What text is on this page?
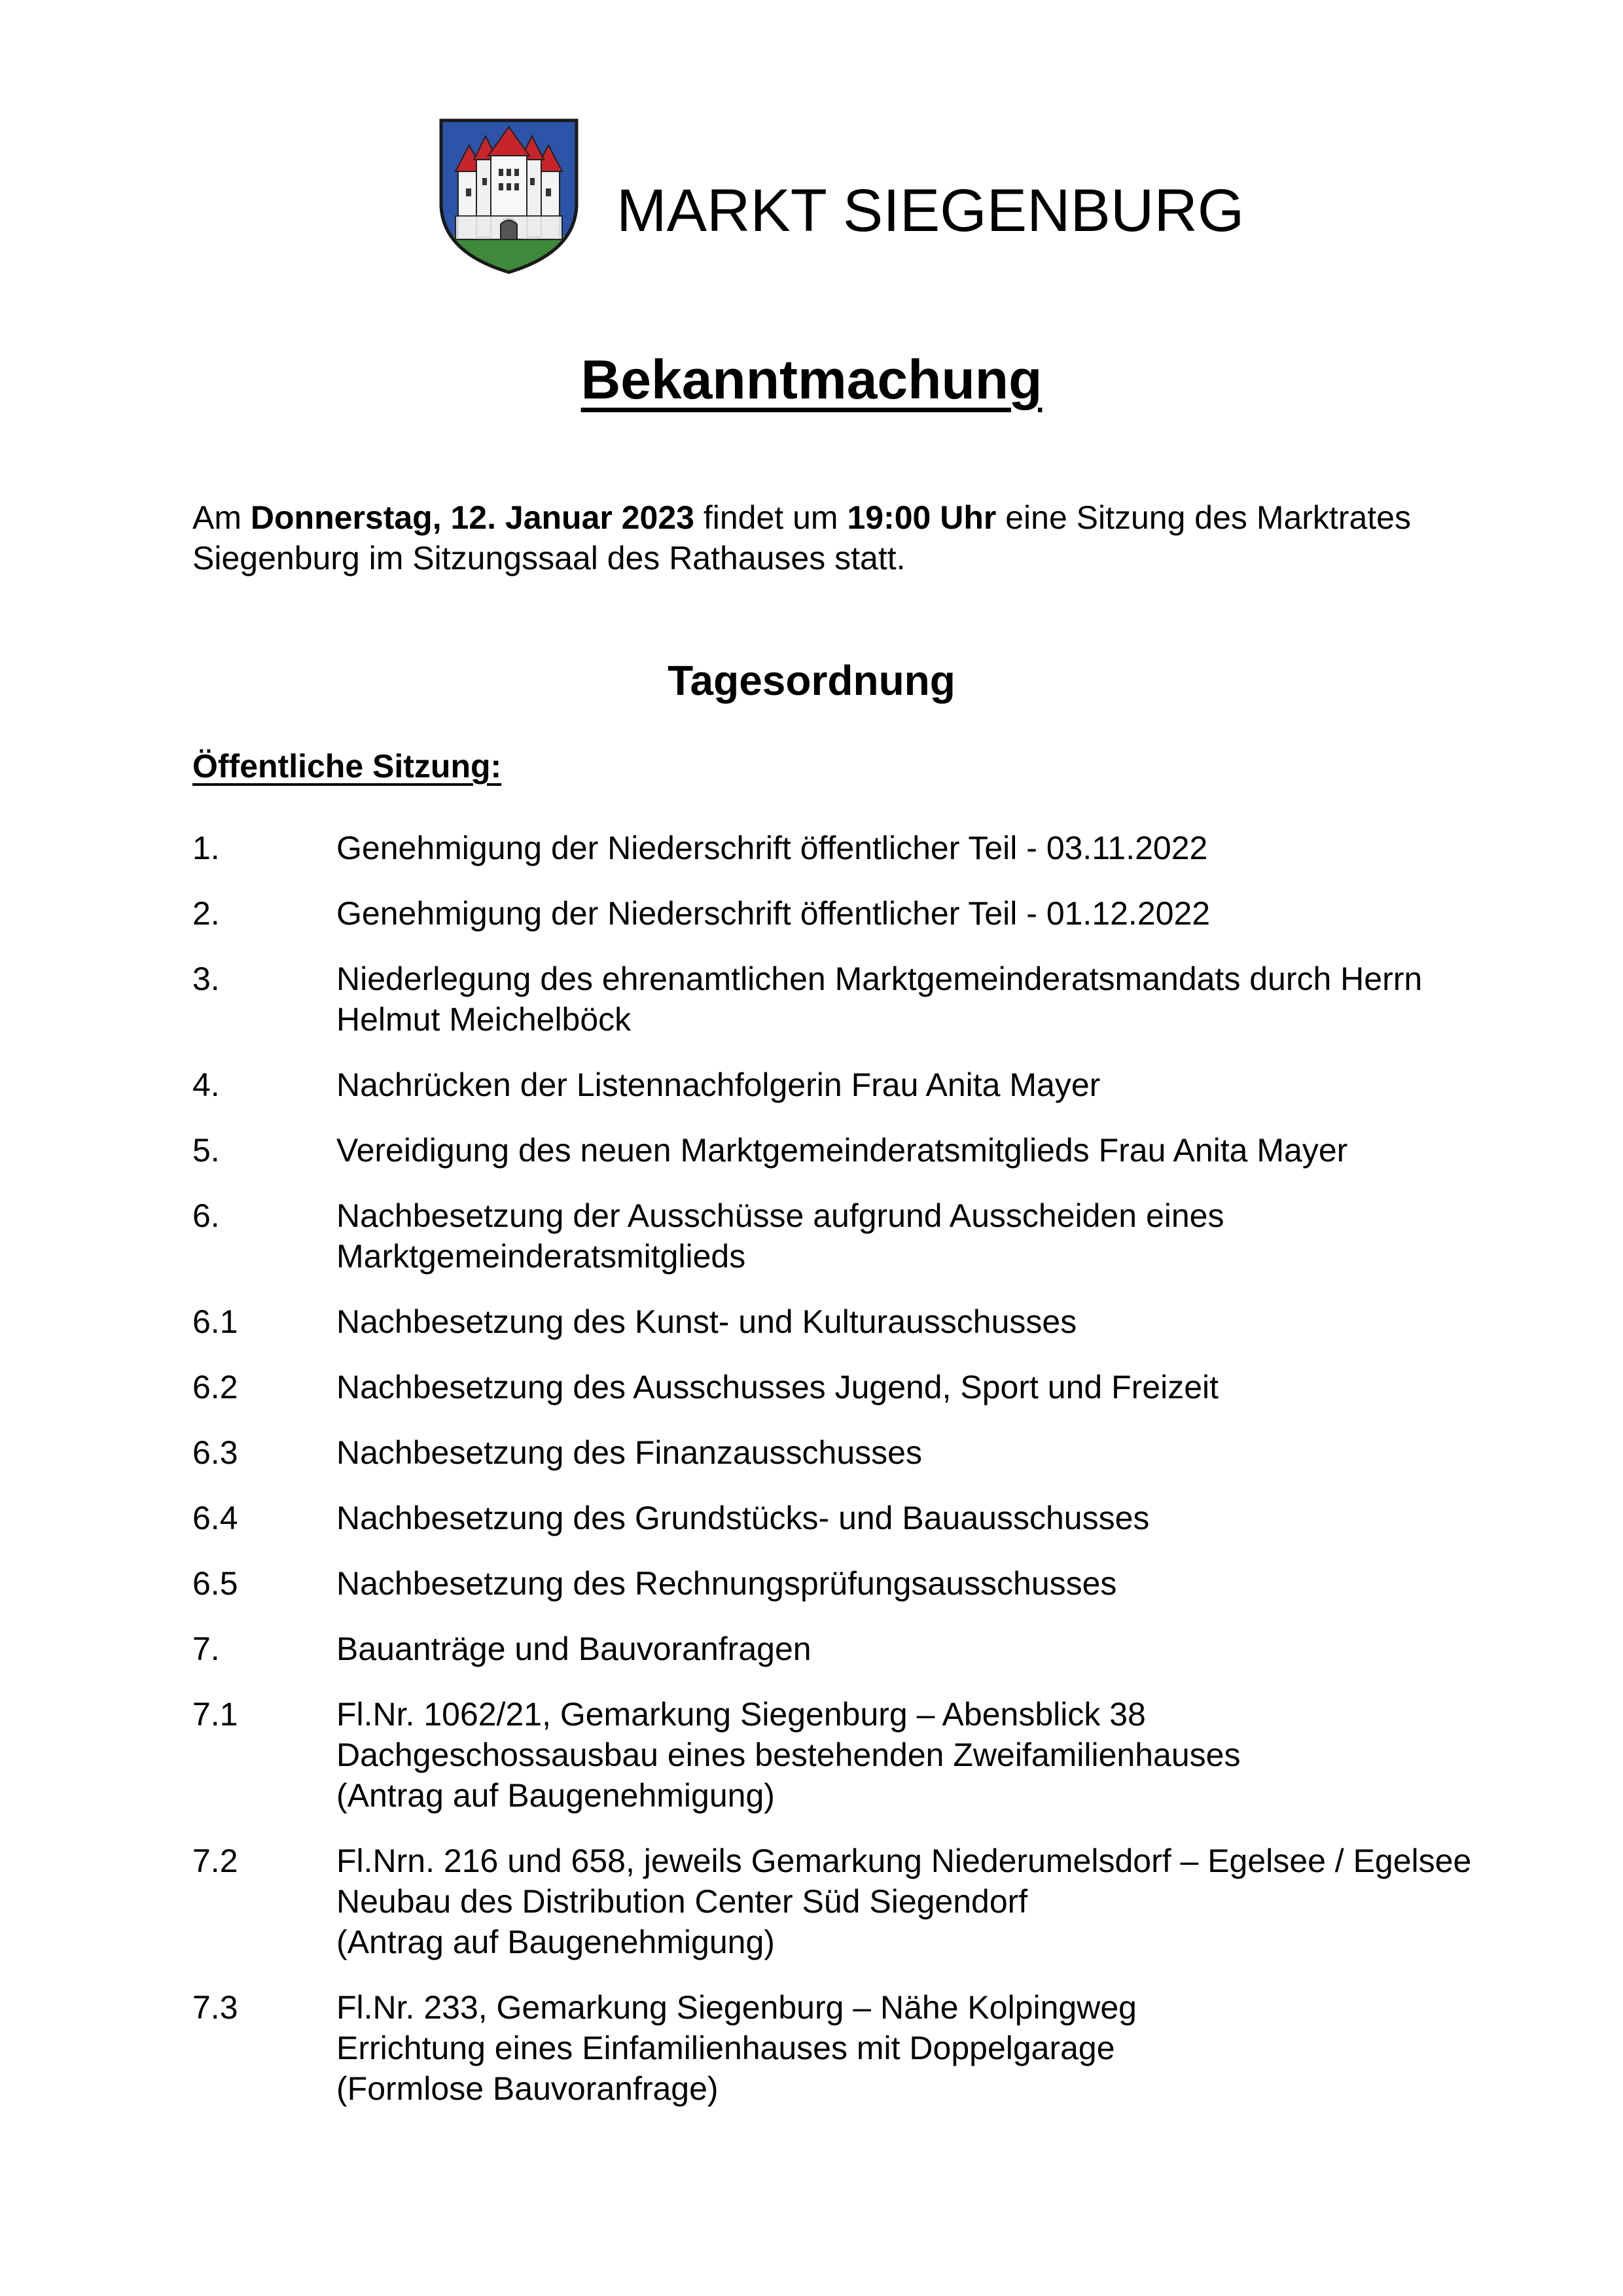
MARKT SIEGENBURG
Bekanntmachung

Am Donnerstag, 12. Januar 2023 findet um 19:00 Uhr eine Sitzung des Marktrates Siegenburg im Sitzungssaal des Rathauses statt.

Tagesordnung
Öffentliche Sitzung:
1.	Genehmigung der Niederschrift öffentlicher Teil - 03.11.2022
2.	Genehmigung der Niederschrift öffentlicher Teil - 01.12.2022
3.	Niederlegung des ehrenamtlichen Marktgemeinderatsmandats durch Herrn
Helmut Meichelböck
4.	Nachrücken der Listennachfolgerin Frau Anita Mayer
5.	Vereidigung des neuen Marktgemeinderatsmitglieds Frau Anita Mayer
6.	Nachbesetzung der Ausschüsse aufgrund Ausscheiden eines
Marktgemeinderatsmitglieds
6.1	Nachbesetzung des Kunst- und Kulturausschusses
6.2	Nachbesetzung des Ausschusses Jugend, Sport und Freizeit
6.3	Nachbesetzung des Finanzausschusses
6.4	Nachbesetzung des Grundstücks- und Bauausschusses
6.5	Nachbesetzung des Rechnungsprüfungsausschusses
7.	Bauanträge und Bauvoranfragen
7.1	Fl.Nr. 1062/21, Gemarkung Siegenburg – Abensblick 38
Dachgeschossausbau eines bestehenden Zweifamilienhauses
(Antrag auf Baugenehmigung)
7.2	Fl.Nrn. 216 und 658, jeweils Gemarkung Niederumelsdorf – Egelsee / Egelsee
Neubau des Distribution Center Süd Siegendorf
(Antrag auf Baugenehmigung)
7.3	Fl.Nr. 233, Gemarkung Siegenburg – Nähe Kolpingweg
Errichtung eines Einfamilienhauses mit Doppelgarage
(Formlose Bauvoranfrage)
